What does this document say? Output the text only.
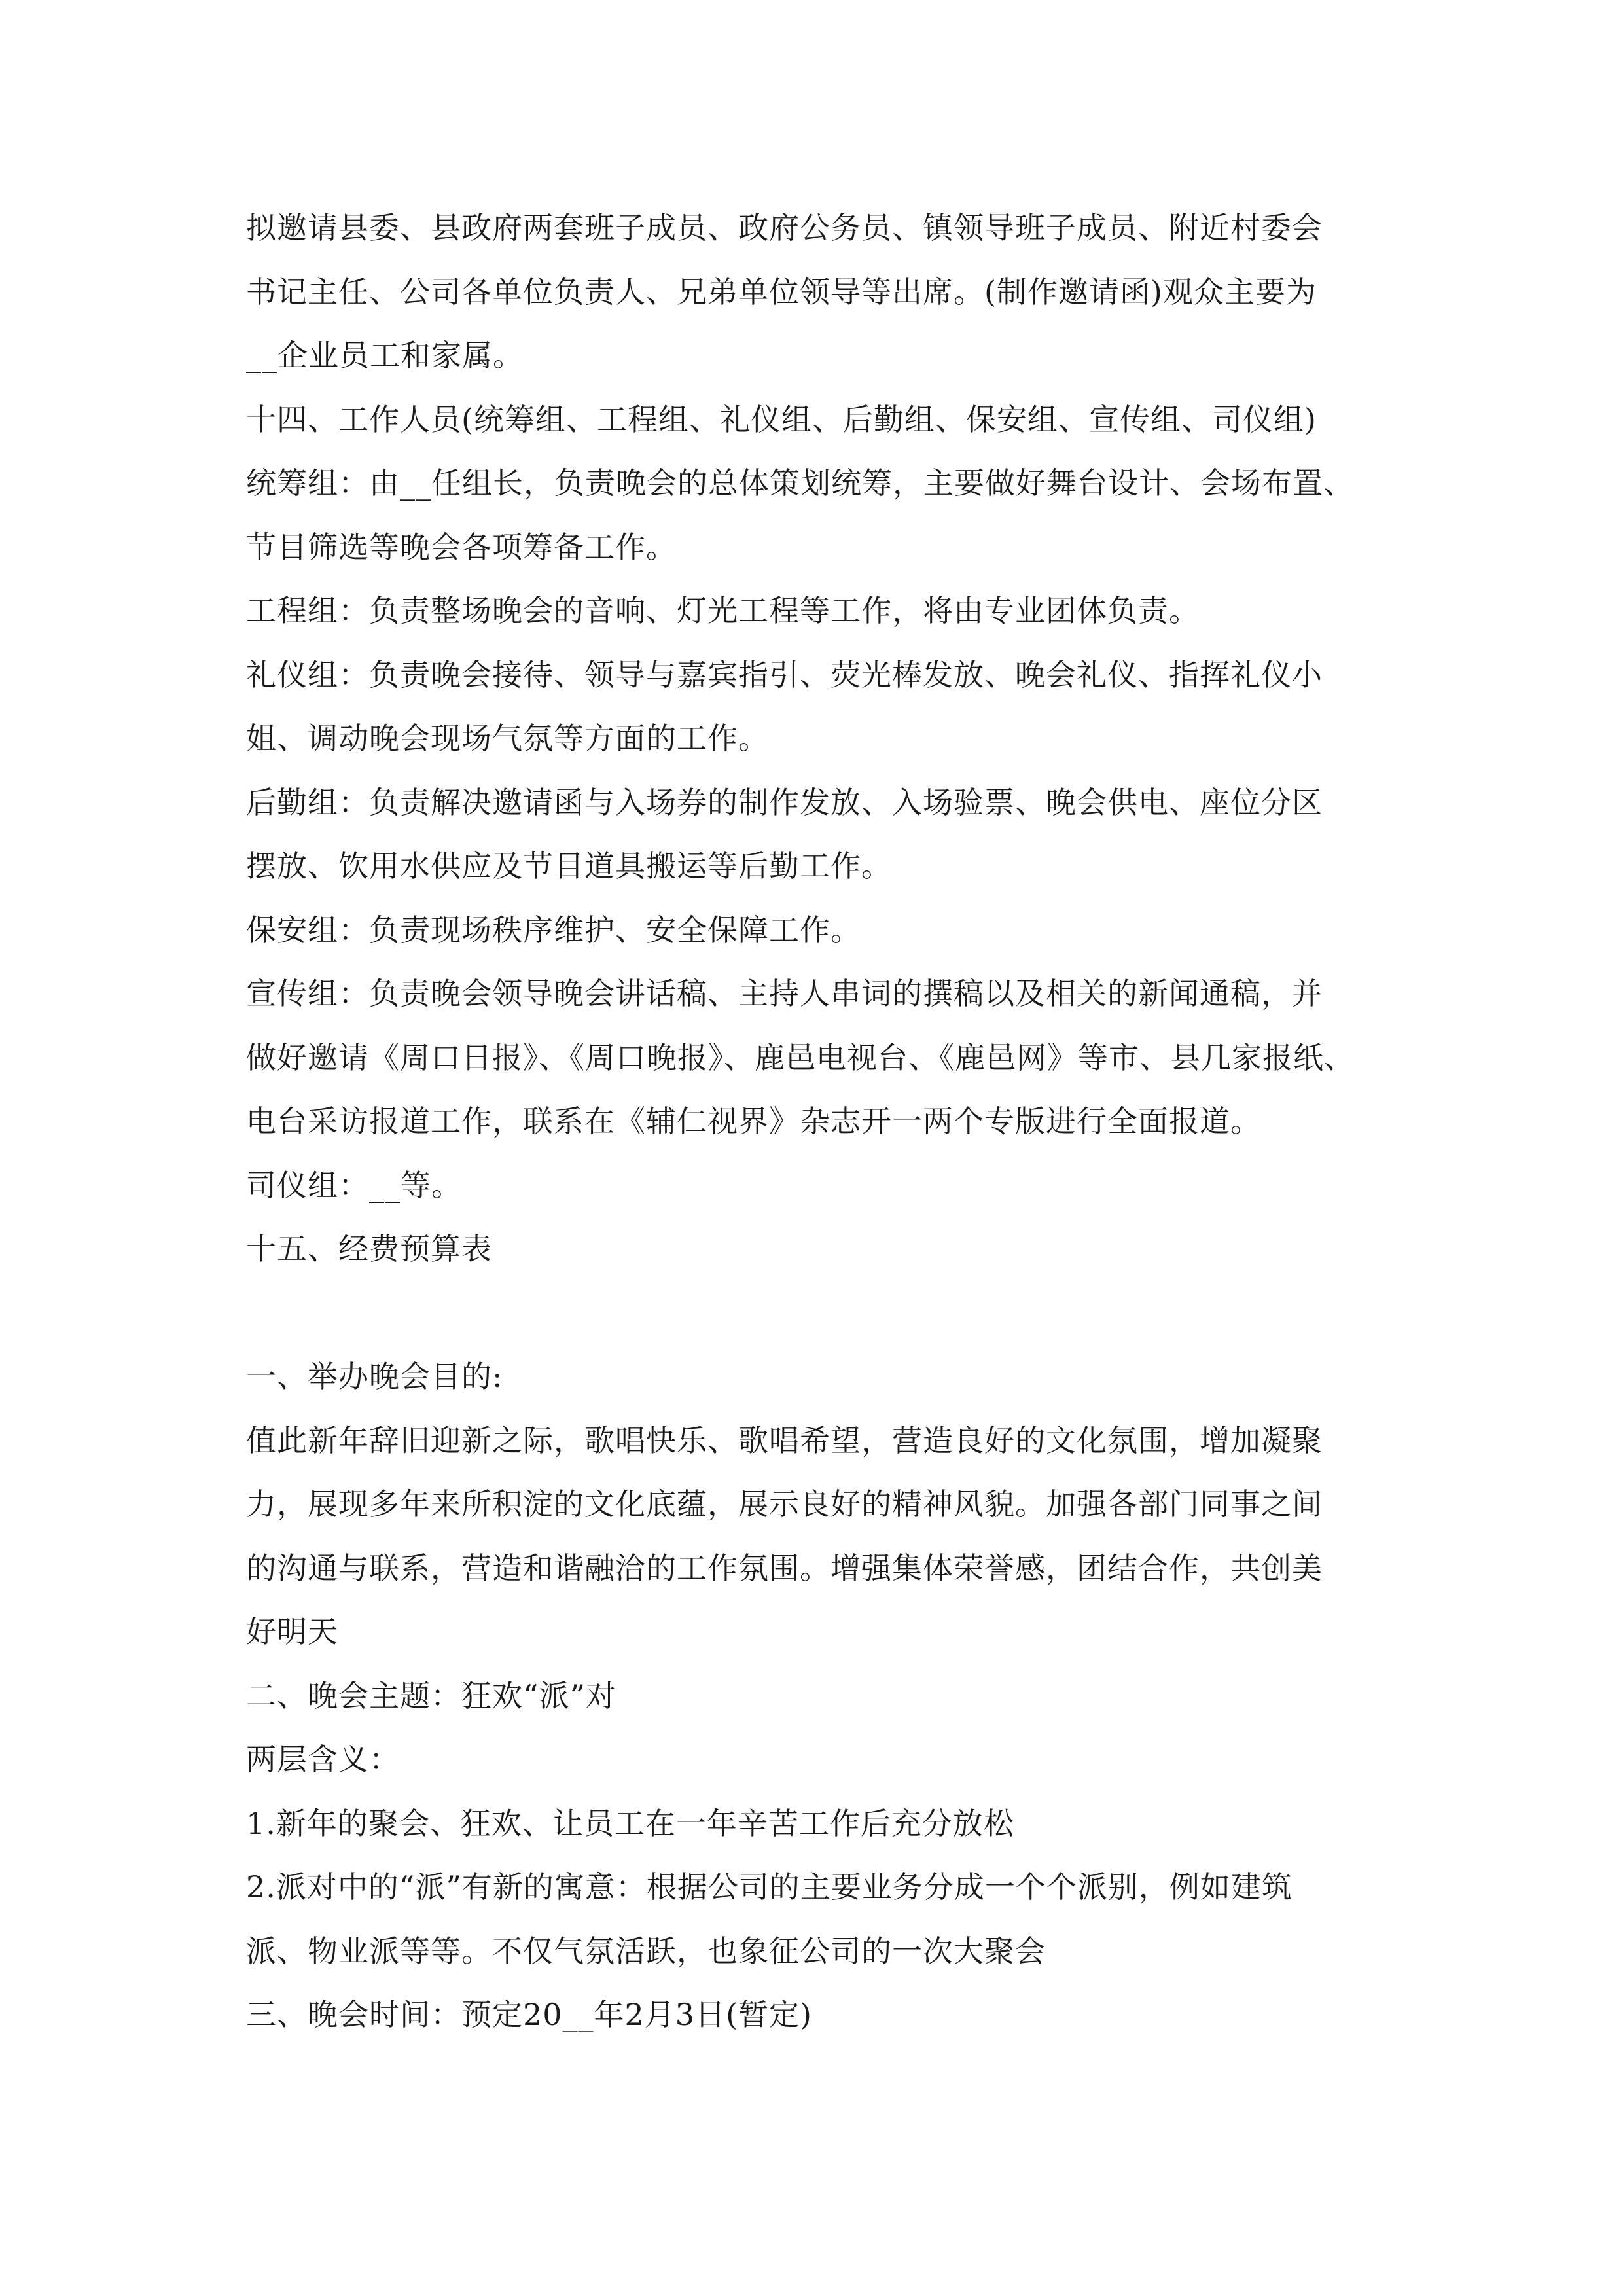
拟邀请县委、县政府两套班子成员、政府公务员、镇领导班子成员、附近村委会
书记主任、公司各单位负责人、兄弟单位领导等出席。(制作邀请函)观众主要为
__企业员工和家属。
十四、工作人员(统筹组、工程组、礼仪组、后勤组、保安组、宣传组、司仪组)
统筹组：由__任组长，负责晚会的总体策划统筹，主要做好舞台设计、会场布置、
节目筛选等晚会各项筹备工作。
工程组：负责整场晚会的音响、灯光工程等工作，将由专业团体负责。
礼仪组：负责晚会接待、领导与嘉宾指引、荧光棒发放、晚会礼仪、指挥礼仪小
姐、调动晚会现场气氛等方面的工作。
后勤组：负责解决邀请函与入场券的制作发放、入场验票、晚会供电、座位分区
摆放、饮用水供应及节目道具搬运等后勤工作。
保安组：负责现场秩序维护、安全保障工作。
宣传组：负责晚会领导晚会讲话稿、主持人串词的撰稿以及相关的新闻通稿，并
做好邀请《周口日报》、《周口晚报》、鹿邑电视台、《鹿邑网》等市、县几家报纸、
电台采访报道工作，联系在《辅仁视界》杂志开一两个专版进行全面报道。
司仪组：__等。
十五、经费预算表
一、举办晚会目的:
值此新年辞旧迎新之际，歌唱快乐、歌唱希望，营造良好的文化氛围，增加凝聚
力，展现多年来所积淀的文化底蕴，展示良好的精神风貌。加强各部门同事之间
的沟通与联系，营造和谐融洽的工作氛围。增强集体荣誉感，团结合作，共创美
好明天
二、晚会主题：狂欢“派”对
两层含义：
1.新年的聚会、狂欢、让员工在一年辛苦工作后充分放松
2.派对中的“派”有新的寓意：根据公司的主要业务分成一个个派别，例如建筑
派、物业派等等。不仅气氛活跃，也象征公司的一次大聚会
三、晚会时间：预定20__年2月3日(暂定)
